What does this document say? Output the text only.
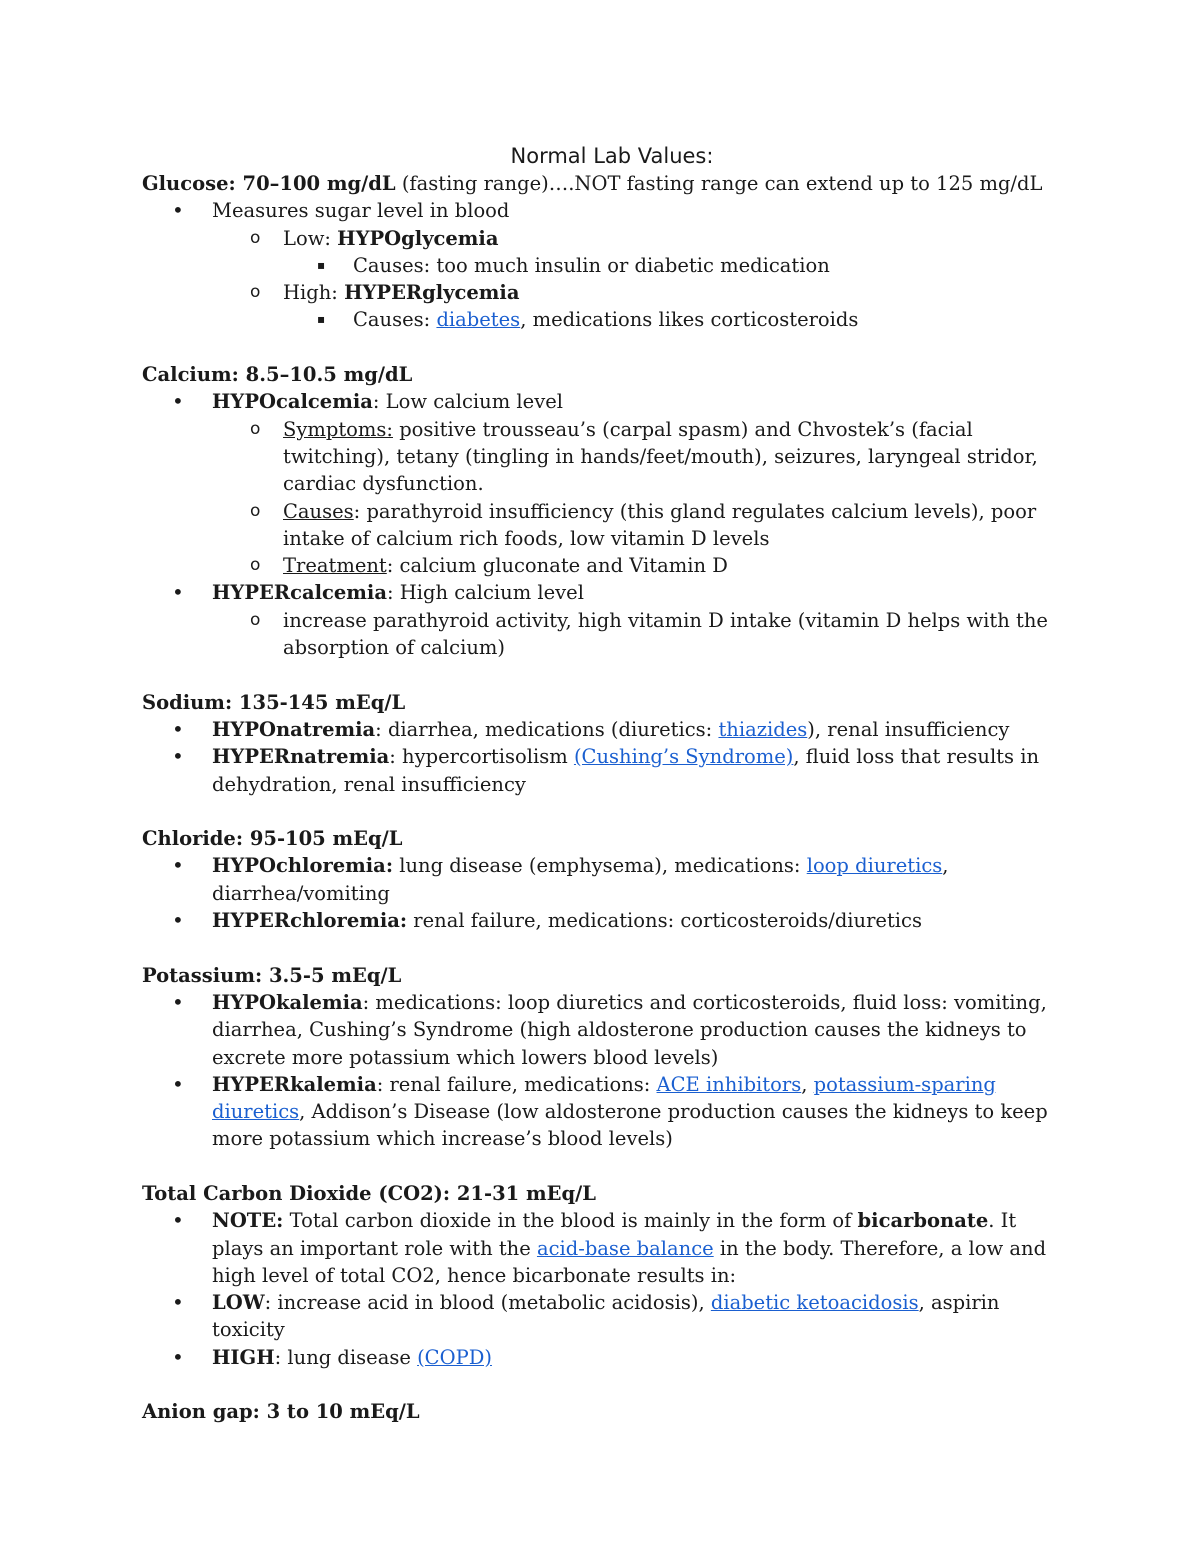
Normal Lab Values:

Glucose: 70–100 mg/dL (fasting range)….NOT fasting range can extend up to 125 mg/dL

• Measures sugar level in blood
o Low: HYPOglycemia
▪ Causes: too much insulin or diabetic medication
o High: HYPERglycemia
▪ Causes: diabetes, medications likes corticosteroids

Calcium: 8.5–10.5 mg/dL

• HYPOcalcemia: Low calcium level
o Symptoms: positive trousseau’s (carpal spasm) and Chvostek’s (facial twitching), tetany (tingling in hands/feet/mouth), seizures, laryngeal stridor, cardiac dysfunction.
o Causes: parathyroid insufficiency (this gland regulates calcium levels), poor intake of calcium rich foods, low vitamin D levels
o Treatment: calcium gluconate and Vitamin D
• HYPERcalcemia: High calcium level
o increase parathyroid activity, high vitamin D intake (vitamin D helps with the absorption of calcium)

Sodium: 135-145 mEq/L

• HYPOnatremia: diarrhea, medications (diuretics: thiazides), renal insufficiency
• HYPERnatremia: hypercortisolism (Cushing’s Syndrome), fluid loss that results in dehydration, renal insufficiency

Chloride: 95-105 mEq/L

• HYPOchloremia: lung disease (emphysema), medications: loop diuretics, diarrhea/vomiting
• HYPERchloremia: renal failure, medications: corticosteroids/diuretics

Potassium: 3.5-5 mEq/L

• HYPOkalemia: medications: loop diuretics and corticosteroids, fluid loss: vomiting, diarrhea, Cushing’s Syndrome (high aldosterone production causes the kidneys to excrete more potassium which lowers blood levels)
• HYPERkalemia: renal failure, medications: ACE inhibitors, potassium-sparing diuretics, Addison’s Disease (low aldosterone production causes the kidneys to keep more potassium which increase’s blood levels)

Total Carbon Dioxide (CO2): 21-31 mEq/L

• NOTE: Total carbon dioxide in the blood is mainly in the form of bicarbonate. It plays an important role with the acid-base balance in the body. Therefore, a low and high level of total CO2, hence bicarbonate results in:
• LOW: increase acid in blood (metabolic acidosis), diabetic ketoacidosis, aspirin toxicity
• HIGH: lung disease (COPD)

Anion gap: 3 to 10 mEq/L
